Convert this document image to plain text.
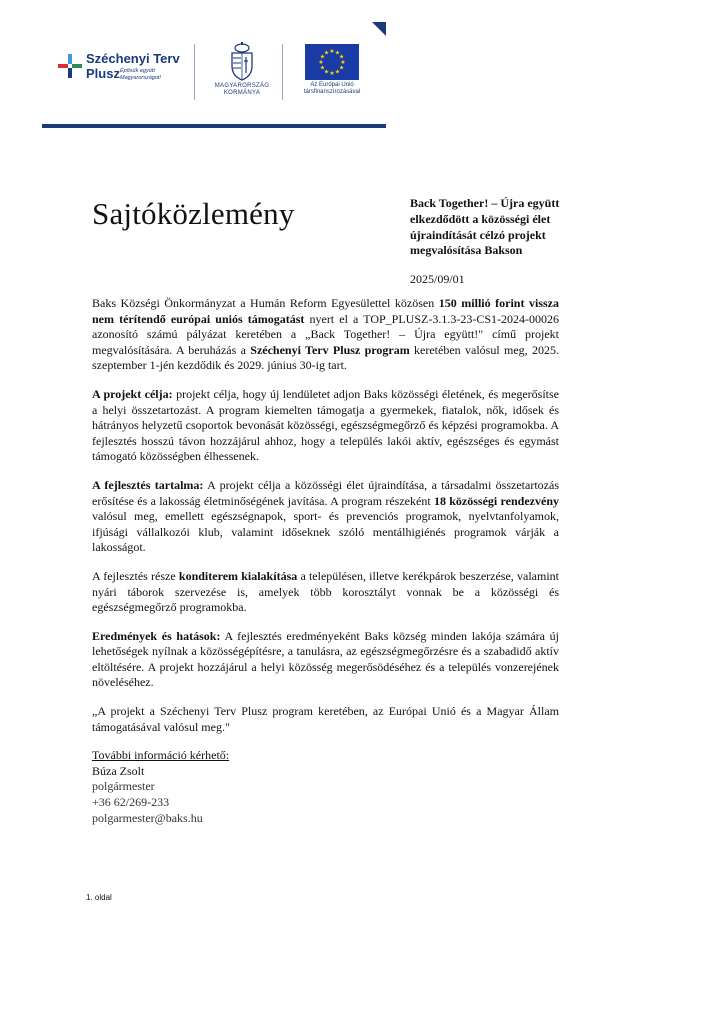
Széchenyi Terv
Plusz Építsük együtt
Magyarországot!
MAGYARORSZÁG
KORMÁNYA
★
★
★
★
★
★
★
★
★ ★ ★
★
Az Európai Unió
társfinanszírozásával
Sajtóközlemény	Back Together! – Újra együtt elkezdődött a közösségi élet újraindítását célzó projekt megvalósítása Bakson
2025/09/01

Baks Községi Önkormányzat a Humán Reform Egyesülettel közösen 150 millió forint vissza nem térítendő európai uniós támogatást nyert el a TOP_PLUSZ-3.1.3-23-CS1-2024-00026 azonosító számú pályázat keretében a „Back Together! – Újra együtt!" című projekt megvalósítására. A beruházás a Széchenyi Terv Plusz program keretében valósul meg, 2025. szeptember 1-jén kezdődik és 2029. június 30-ig tart.

A projekt célja: projekt célja, hogy új lendületet adjon Baks közösségi életének, és megerősítse a helyi összetartozást. A program kiemelten támogatja a gyermekek, fiatalok, nők, idősek és hátrányos helyzetű csoportok bevonását közösségi, egészségmegőrző és képzési programokba. A fejlesztés hosszú távon hozzájárul ahhoz, hogy a település lakói aktív, egészséges és egymást támogató közösségben élhessenek.

A fejlesztés tartalma: A projekt célja a közösségi élet újraindítása, a társadalmi összetartozás erősítése és a lakosság életminőségének javítása. A program részeként 18 közösségi rendezvény valósul meg, emellett egészségnapok, sport- és prevenciós programok, nyelvtanfolyamok, ifjúsági vállalkozói klub, valamint időseknek szóló mentálhigiénés programok várják a lakosságot.

A fejlesztés része konditerem kialakítása a településen, illetve kerékpárok beszerzése, valamint nyári táborok szervezése is, amelyek több korosztályt vonnak be a közösségi és egészségmegőrző programokba.

Eredmények és hatások: A fejlesztés eredményeként Baks község minden lakója számára új lehetőségek nyílnak a közösségépítésre, a tanulásra, az egészségmegőrzésre és a szabadidő aktív eltöltésére. A projekt hozzájárul a helyi közösség megerősödéséhez és a település vonzerejének növeléséhez.

„A projekt a Széchenyi Terv Plusz program keretében, az Európai Unió és a Magyar Állam támogatásával valósul meg."

További információ kérhető:
Búza Zsolt
polgármester
+36 62/269-233
polgarmester@baks.hu
1. oldal
